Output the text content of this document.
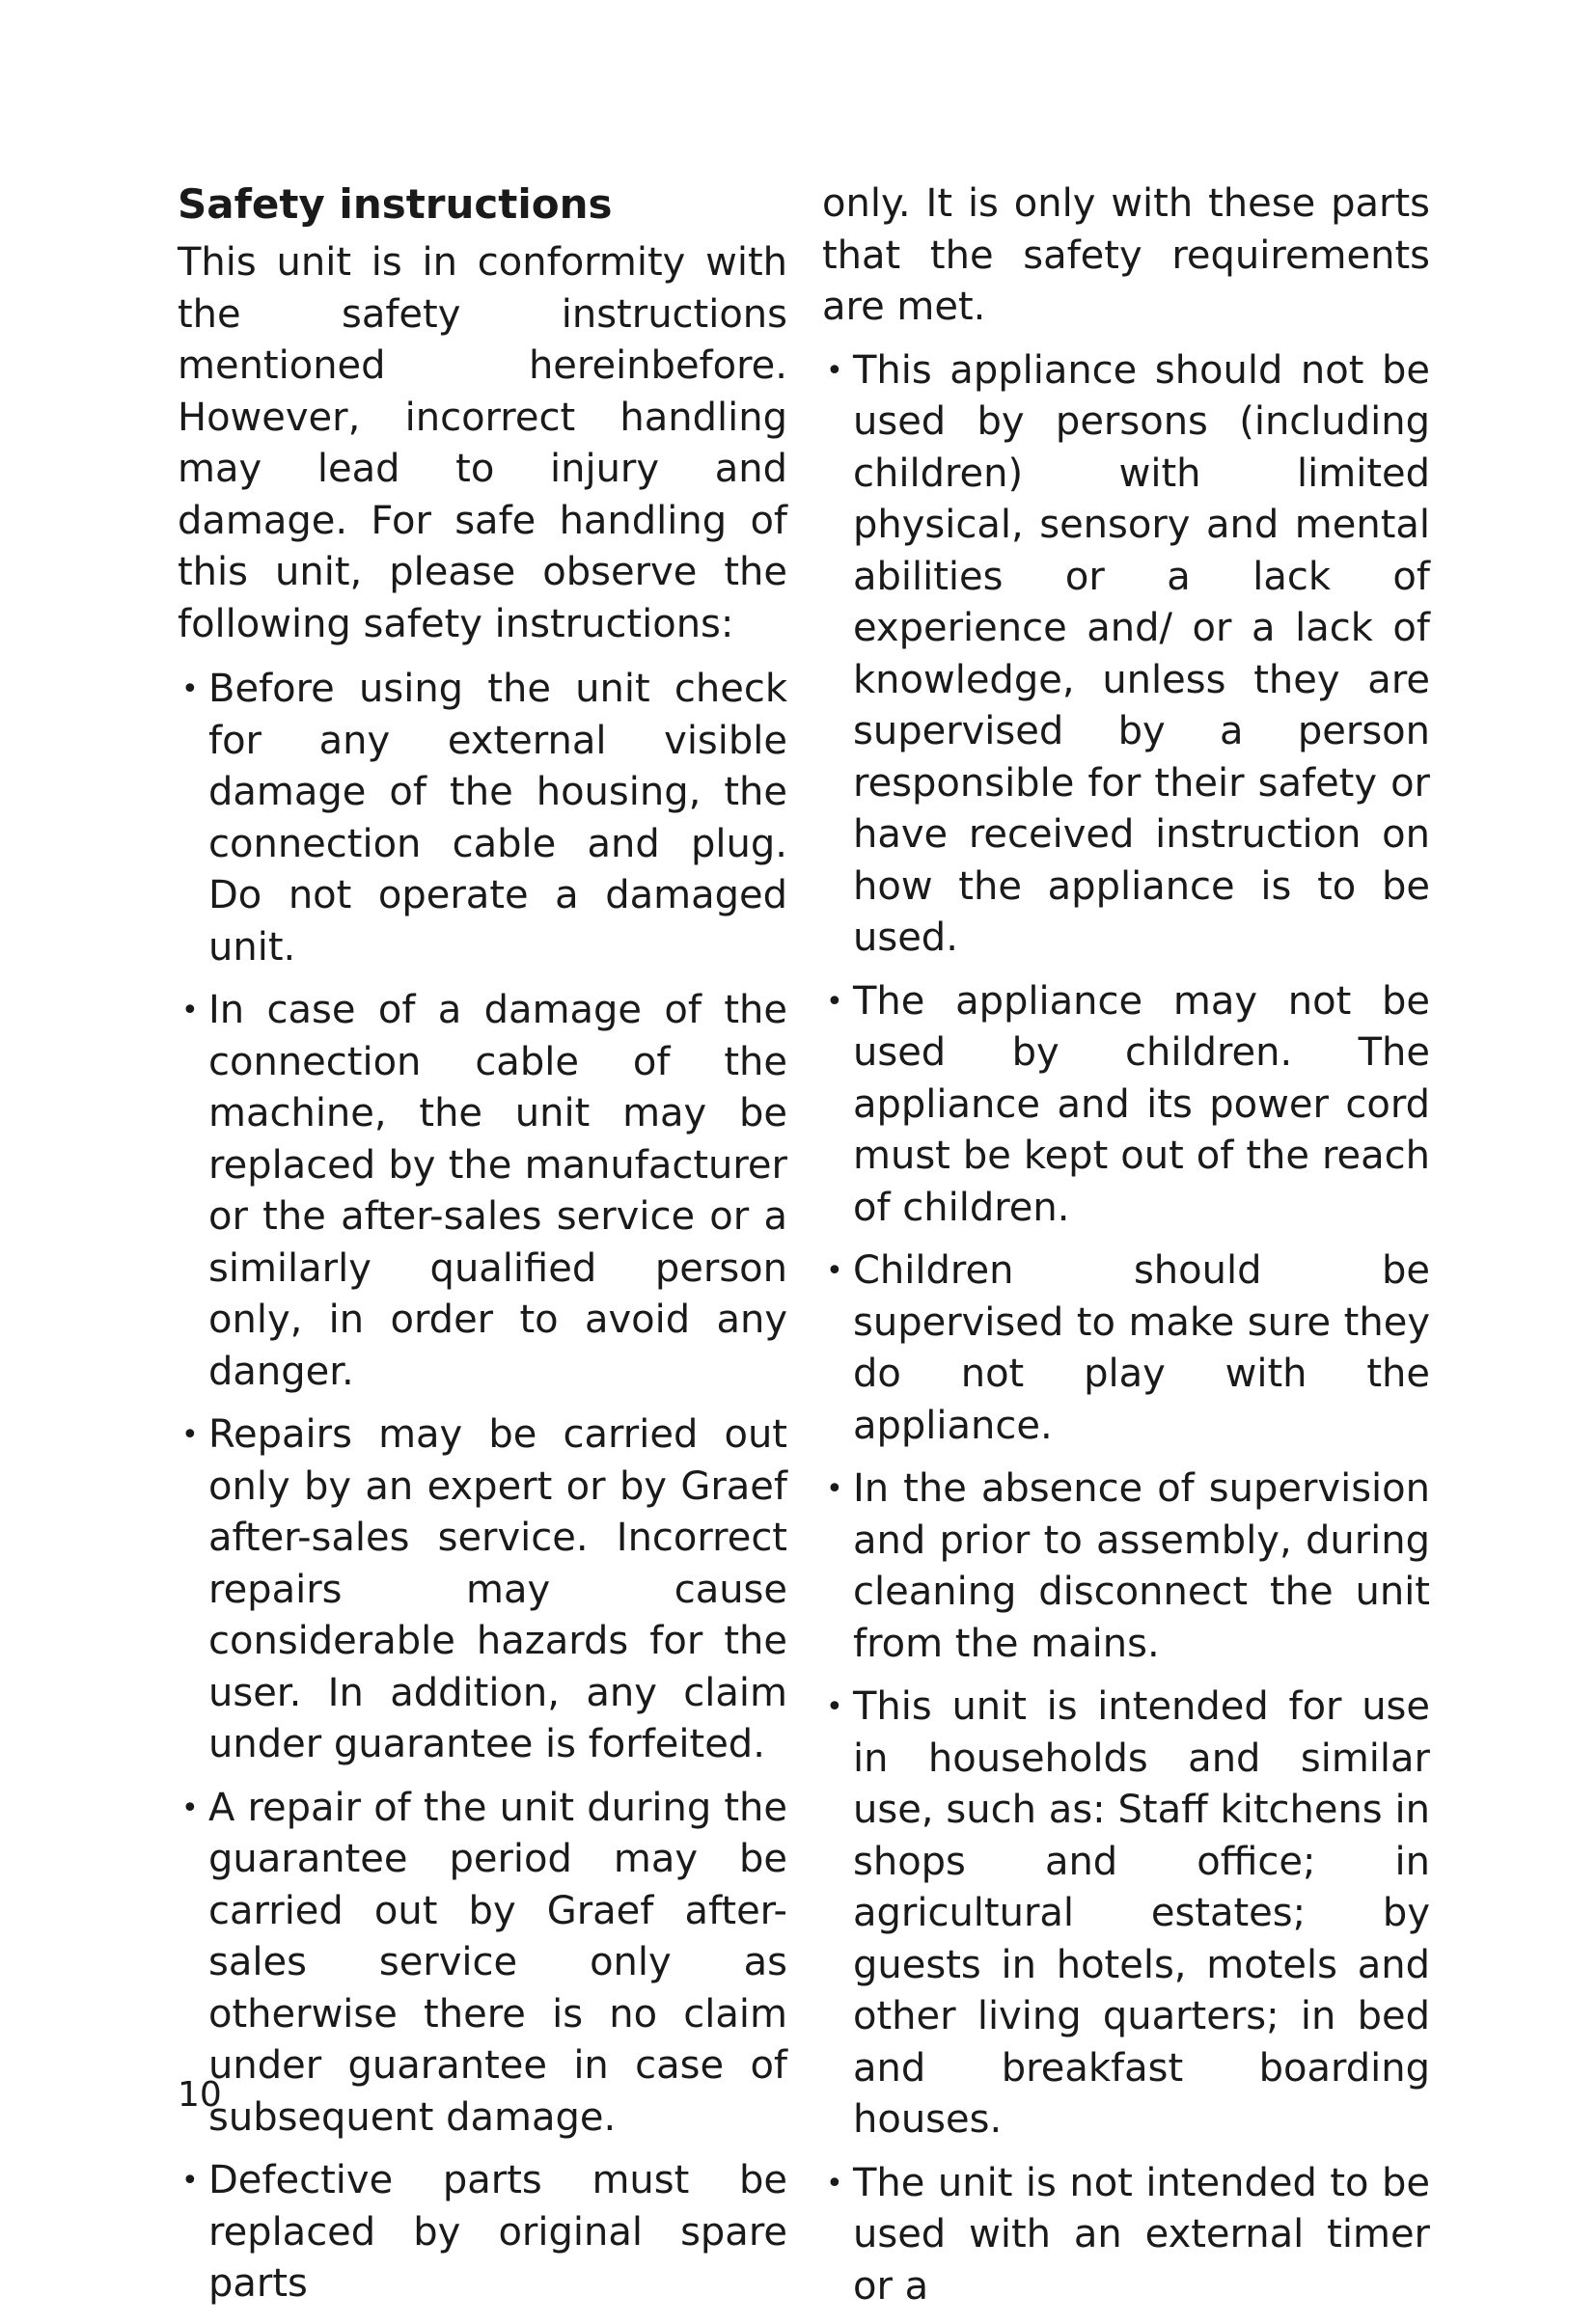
Safety instructions

This unit is in conformity with the safety instructions mentioned hereinbefore. However, incorrect handling may lead to injury and damage. For safe handling of this unit, please observe the following safety instructions:

• Before using the unit check for any external visible damage of the housing, the connection cable and plug. Do not operate a damaged unit.
• In case of a damage of the connection cable of the machine, the unit may be replaced by the manufacturer or the after-sales service or a similarly qualified person only, in order to avoid any danger.
• Repairs may be carried out only by an expert or by Graef after-sales service. Incorrect repairs may cause considerable hazards for the user. In addition, any claim under guarantee is forfeited.
• A repair of the unit during the guarantee period may be carried out by Graef after-sales service only as otherwise there is no claim under guarantee in case of subsequent damage.
• Defective parts must be replaced by original spare parts

only. It is only with these parts that the safety requirements are met.

• This appliance should not be used by persons (including children) with limited physical, sensory and mental abilities or a lack of experience and/ or a lack of knowledge, unless they are supervised by a person responsible for their safety or have received instruction on how the appliance is to be used.
• The appliance may not be used by children. The appliance and its power cord must be kept out of the reach of children.
• Children should be supervised to make sure they do not play with the appliance.
• In the absence of supervision and prior to assembly, during cleaning disconnect the unit from the mains.
• This unit is intended for use in households and similar use, such as: Staff kitchens in shops and office; in agricultural estates; by guests in hotels, motels and other living quarters; in bed and breakfast boarding houses.
• The unit is not intended to be used with an external timer or a
10
